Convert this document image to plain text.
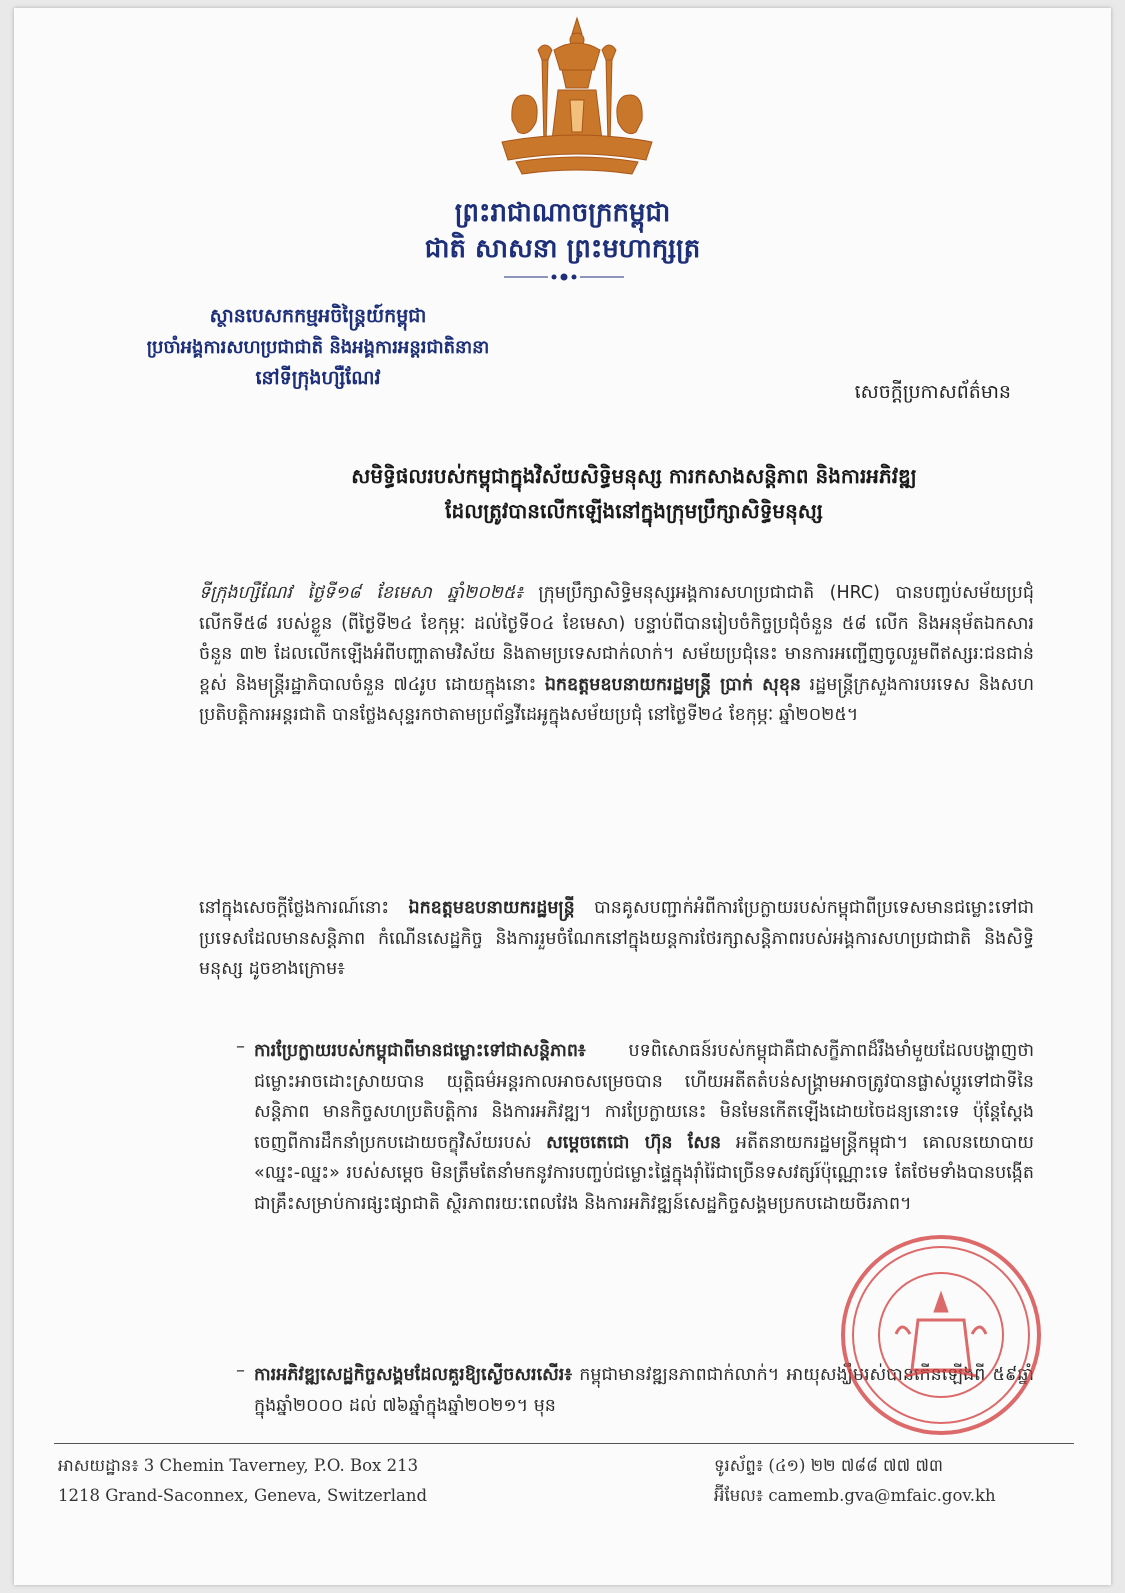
ព្រះរាជាណាចក្រកម្ពុជា
ជាតិ សាសនា ព្រះមហាក្សត្រ
ស្ថានបេសកកម្មអចិន្ត្រៃយ៍កម្ពុជា
ប្រចាំអង្គការសហប្រជាជាតិ និងអង្គការអន្តរជាតិនានា
នៅទីក្រុងហ្សឺណែវ
សេចក្តីប្រកាសព័ត៌មាន
សមិទ្ធិផលរបស់កម្ពុជាក្នុងវិស័យសិទ្ធិមនុស្ស ការកសាងសន្តិភាព និងការអភិវឌ្ឍ
ដែលត្រូវបានលើកឡើងនៅក្នុងក្រុមប្រឹក្សាសិទ្ធិមនុស្ស
ទីក្រុងហ្សឺណែវ ថ្ងៃទី១៨ ខែមេសា ឆ្នាំ២០២៥៖ ក្រុមប្រឹក្សាសិទ្ធិមនុស្សអង្គការសហប្រជាជាតិ (HRC) បានបញ្ចប់សម័យប្រជុំលើកទី៥៨ របស់ខ្លួន (ពីថ្ងៃទី២៤ ខែកុម្ភៈ ដល់ថ្ងៃទី០៤ ខែមេសា) បន្ទាប់ពីបានរៀបចំកិច្ចប្រជុំចំនួន ៥៨ លើក និងអនុម័តឯកសារចំនួន ៣២ ដែលលើកឡើងអំពីបញ្ហាតាមវិស័យ និងតាមប្រទេសជាក់លាក់។ សម័យប្រជុំនេះ មានការអញ្ជើញចូលរួមពីឥស្សរៈជនជាន់ខ្ពស់ និងមន្ត្រីរដ្ឋាភិបាលចំនួន ៧៤រូប ដោយក្នុងនោះ ឯកឧត្តមឧបនាយករដ្ឋមន្ត្រី ប្រាក់ សុខុន រដ្ឋមន្ត្រីក្រសួងការបរទេស និងសហប្រតិបត្តិការអន្តរជាតិ បានថ្លែងសុន្ទរកថាតាមប្រព័ន្ធវីដេអូក្នុងសម័យប្រជុំ នៅថ្ងៃទី២៤ ខែកុម្ភៈ ឆ្នាំ២០២៥។
នៅក្នុងសេចក្តីថ្លែងការណ៍នោះ ឯកឧត្តមឧបនាយករដ្ឋមន្ត្រី បានគូសបញ្ជាក់អំពីការប្រែក្លាយរបស់កម្ពុជាពីប្រទេសមានជម្លោះទៅជាប្រទេសដែលមានសន្តិភាព កំណើនសេដ្ឋកិច្ច និងការរួមចំណែកនៅក្នុងយន្តការថែរក្សាសន្តិភាពរបស់អង្គការសហប្រជាជាតិ និងសិទ្ធិមនុស្ស ដូចខាងក្រោម៖
– ការប្រែក្លាយរបស់កម្ពុជាពីមានជម្លោះទៅជាសន្តិភាព៖ បទពិសោធន៍របស់កម្ពុជាគឺជាសក្ខីភាពដ៏រឹងមាំមួយដែលបង្ហាញថា ជម្លោះអាចដោះស្រាយបាន យុត្តិធម៌អន្តរកាលអាចសម្រេចបាន ហើយអតីតតំបន់សង្គ្រាមអាចត្រូវបានផ្លាស់ប្តូរទៅជាទីនៃសន្តិភាព មានកិច្ចសហប្រតិបត្តិការ និងការអភិវឌ្ឍ។ ការប្រែក្លាយនេះ មិនមែនកើតឡើងដោយចៃដន្យនោះទេ ប៉ុន្តែស្តែងចេញពីការដឹកនាំប្រកបដោយចក្ខុវិស័យរបស់ សម្តេចតេជោ ហ៊ុន សែន អតីតនាយករដ្ឋមន្ត្រីកម្ពុជា។ គោលនយោបាយ «ឈ្នះ-ឈ្នះ» របស់សម្តេច មិនត្រឹមតែនាំមកនូវការបញ្ចប់ជម្លោះផ្ទៃក្នុងរ៉ាំរ៉ៃជាច្រើនទសវត្សរ៍ប៉ុណ្ណោះទេ តែថែមទាំងបានបង្កើតជាគ្រឹះសម្រាប់ការផ្សះផ្សាជាតិ ស្ថិរភាពរយៈពេលវែង និងការអភិវឌ្ឍន៍សេដ្ឋកិច្ចសង្គមប្រកបដោយចីរភាព។
– ការអភិវឌ្ឍសេដ្ឋកិច្ចសង្គមដែលគួរឱ្យស្ងើចសរសើរ៖ កម្ពុជាមានវឌ្ឍនភាពជាក់លាក់។ អាយុសង្ឃឹមរស់បានកើនឡើងពី ៥៩ឆ្នាំក្នុងឆ្នាំ២០០០ ដល់ ៧៦ឆ្នាំក្នុងឆ្នាំ២០២១។ មុន
អាសយដ្ឋាន៖ 3 Chemin Taverney, P.O. Box 213
1218 Grand-Saconnex, Geneva, Switzerland
ទូរស័ព្ទ៖ (៤១) ២២ ៧៨៨ ៧៧ ៧៣
អ៊ីមែល៖ camemb.gva@mfaic.gov.kh
